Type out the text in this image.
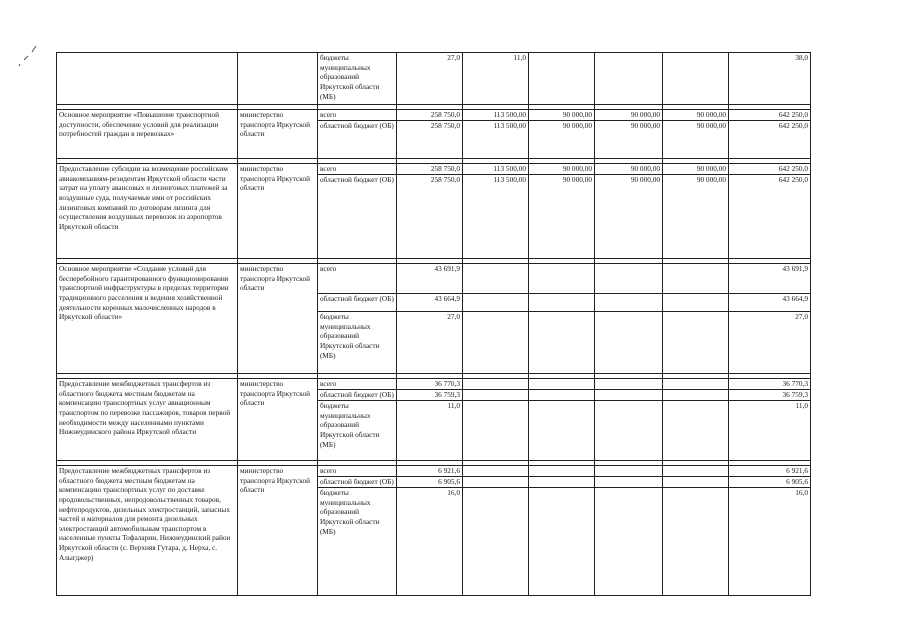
		бюджеты муниципальных образований Иркутской области (МБ)	27,0	11,0				38,0

Основное мероприятие «Повышение транспортной доступности, обеспечение условий для реализации потребностей граждан в перевозках»	министерство транспорта Иркутской области	всего	258 750,0	113 500,00	90 000,00	90 000,00	90 000,00	642 250,0
		областной бюджет (ОБ)	258 750,0	113 500,00	90 000,00	90 000,00	90 000,00	642 250,0

Предоставление субсидии на возмещение российским авиакомпаниям-резидентам Иркутской области части затрат на уплату авансовых и лизинговых платежей за воздушные суда, получаемые ими от российских лизинговых компаний по договорам лизинга для осуществления воздушных перевозок из аэропортов Иркутской области	министерство транспорта Иркутской области	всего	258 750,0	113 500,00	90 000,00	90 000,00	90 000,00	642 250,0
		областной бюджет (ОБ)	258 750,0	113 500,00	90 000,00	90 000,00	90 000,00	642 250,0

Основное мероприятие «Создание условий для бесперебойного гарантированного функционирования транспортной инфраструктуры в пределах территории традиционного расселения и ведения хозяйственной деятельности коренных малочисленных народов в Иркутской области»	министерство транспорта Иркутской области	всего	43 691,9					43 691,9
		областной бюджет (ОБ)	43 664,9					43 664,9
		бюджеты муниципальных образований Иркутской области (МБ)	27,0					27,0

Предоставление межбюджетных трансфертов из областного бюджета местным бюджетам на компенсацию транспортных услуг авиационным транспортом по перевозке пассажиров, товаров первой необходимости между населенными пунктами Нижнеудинского района Иркутской области	министерство транспорта Иркутской области	всего	36 770,3					36 770,3
		областной бюджет (ОБ)	36 759,3					36 759,3
		бюджеты муниципальных образований Иркутской области (МБ)	11,0					11,0

Предоставление межбюджетных трансфертов из областного бюджета местным бюджетам на компенсацию транспортных услуг по доставке продовольственных, непродовольственных товаров, нефтепродуктов, дизельных электростанций, запасных частей и материалов для ремонта дизельных электростанций автомобильным транспортом в населенные пункты Тофаларии, Нижнеудинский район Иркутской области (с. Верхняя Гутара, д. Нерха, с. Алыгджер)	министерство транспорта Иркутской области	всего	6 921,6					6 921,6
		областной бюджет (ОБ)	6 905,6					6 905,6
		бюджеты муниципальных образований Иркутской области (МБ)	16,0					16,0
